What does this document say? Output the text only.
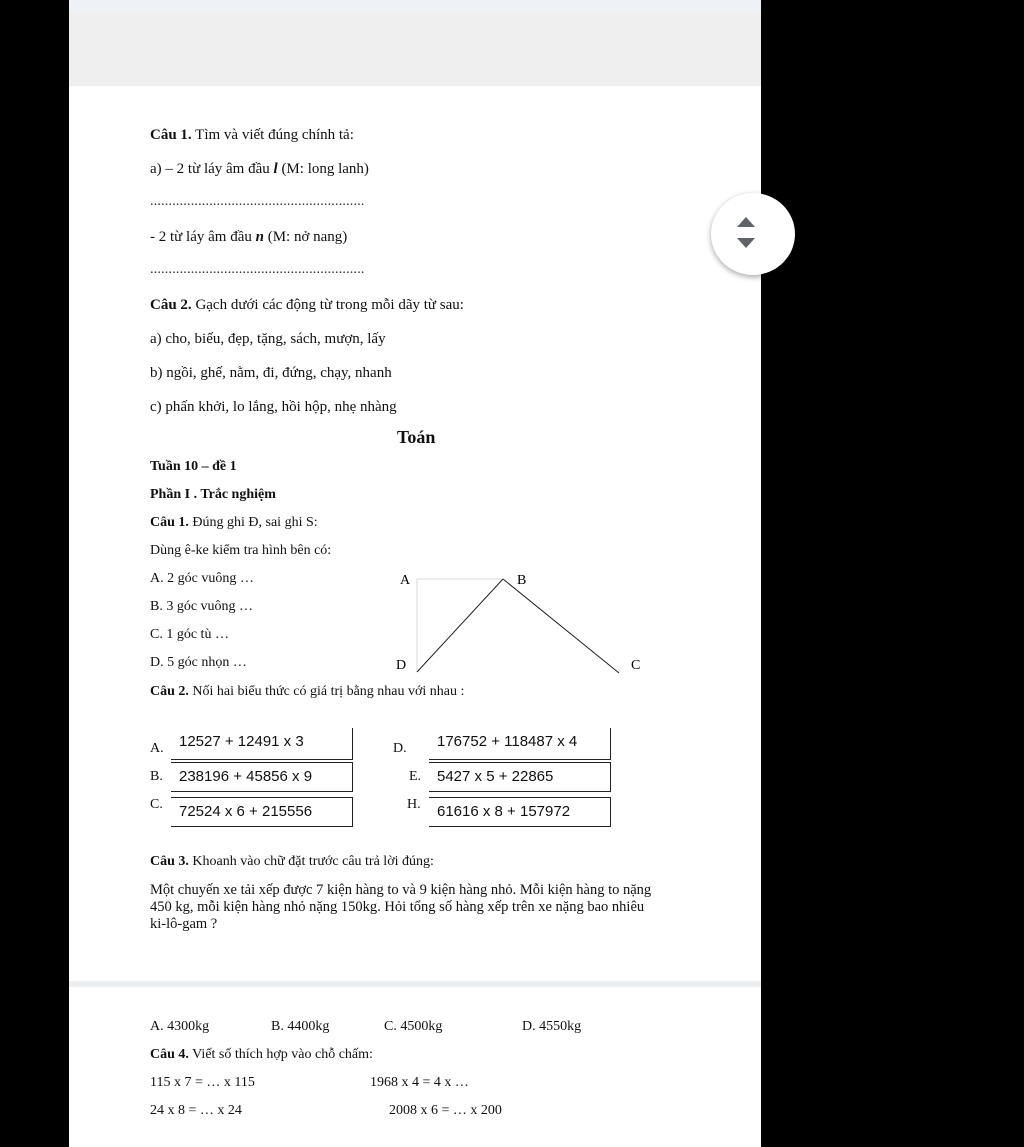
Câu 1. Tìm và viết đúng chính tả:
a) – 2 từ láy âm đầu l (M: long lanh)
..........................................................
- 2 từ láy âm đầu n (M: nở nang)
..........................................................
Câu 2. Gạch dưới các động từ trong mỗi dãy từ sau:
a) cho, biếu, đẹp, tặng, sách, mượn, lấy
b) ngồi, ghế, nằm, đi, đứng, chạy, nhanh
c) phấn khởi, lo lắng, hồi hộp, nhẹ nhàng
Toán
Tuần 10 – đề 1
Phần I . Trắc nghiệm
Câu 1. Đúng ghi Đ, sai ghi S:
Dùng ê-ke kiểm tra hình bên có:
A. 2 góc vuông …
B. 3 góc vuông …
C. 1 góc tù …
D. 5 góc nhọn …
A	B
C
D
Câu 2. Nối hai biểu thức có giá trị bằng nhau với nhau :
A.	12527 + 12491 x 3
B.	238196 + 45856 x 9
C.	72524 x 6 + 215556
D.	176752 + 118487 x 4
E.	5427 x 5 + 22865
H.	61616 x 8 + 157972
Câu 3. Khoanh vào chữ đặt trước câu trả lời đúng:
Một chuyến xe tải xếp được 7 kiện hàng to và 9 kiện hàng nhỏ. Mỗi kiện hàng to nặng
450 kg, mỗi kiện hàng nhỏ nặng 150kg. Hỏi tổng số hàng xếp trên xe nặng bao nhiêu
ki-lô-gam ?
A. 4300kg	B. 4400kg	C. 4500kg	D. 4550kg
Câu 4. Viết số thích hợp vào chỗ chấm:
115 x 7 = … x 115	1968 x 4 = 4 x …
24 x 8 = … x 24	2008 x 6 = … x 200
